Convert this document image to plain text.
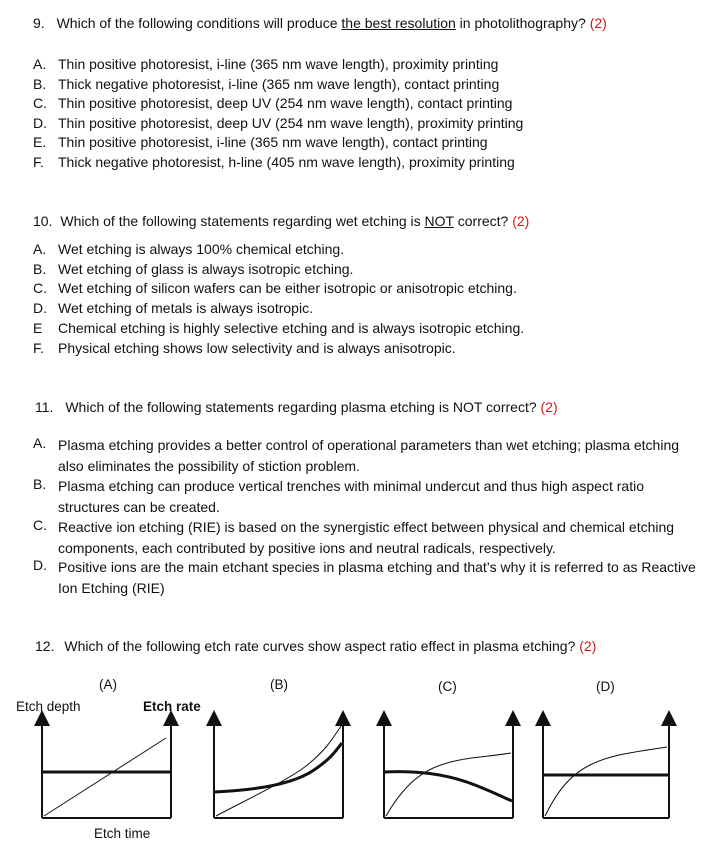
9. Which of the following conditions will produce the best resolution in photolithography? (2)
A. Thin positive photoresist, i-line (365 nm wave length), proximity printing
B. Thick negative photoresist, i-line (365 nm wave length), contact printing
C. Thin positive photoresist, deep UV (254 nm wave length), contact printing
D. Thin positive photoresist, deep UV (254 nm wave length), proximity printing
E. Thin positive photoresist, i-line (365 nm wave length), contact printing
F. Thick negative photoresist, h-line (405 nm wave length), proximity printing
10. Which of the following statements regarding wet etching is NOT correct? (2)
A. Wet etching is always 100% chemical etching.
B. Wet etching of glass is always isotropic etching.
C. Wet etching of silicon wafers can be either isotropic or anisotropic etching.
D. Wet etching of metals is always isotropic.
E Chemical etching is highly selective etching and is always isotropic etching.
F. Physical etching shows low selectivity and is always anisotropic.
11. Which of the following statements regarding plasma etching is NOT correct? (2)
A. Plasma etching provides a better control of operational parameters than wet etching; plasma etching also eliminates the possibility of stiction problem.
B. Plasma etching can produce vertical trenches with minimal undercut and thus high aspect ratio structures can be created.
C. Reactive ion etching (RIE) is based on the synergistic effect between physical and chemical etching components, each contributed by positive ions and neutral radicals, respectively.
D. Positive ions are the main etchant species in plasma etching and that’s why it is referred to as Reactive Ion Etching (RIE)
12. Which of the following etch rate curves show aspect ratio effect in plasma etching? (2)
(A)	(B)	(C)	(D)
Etch depth	Etch rate
Etch time
